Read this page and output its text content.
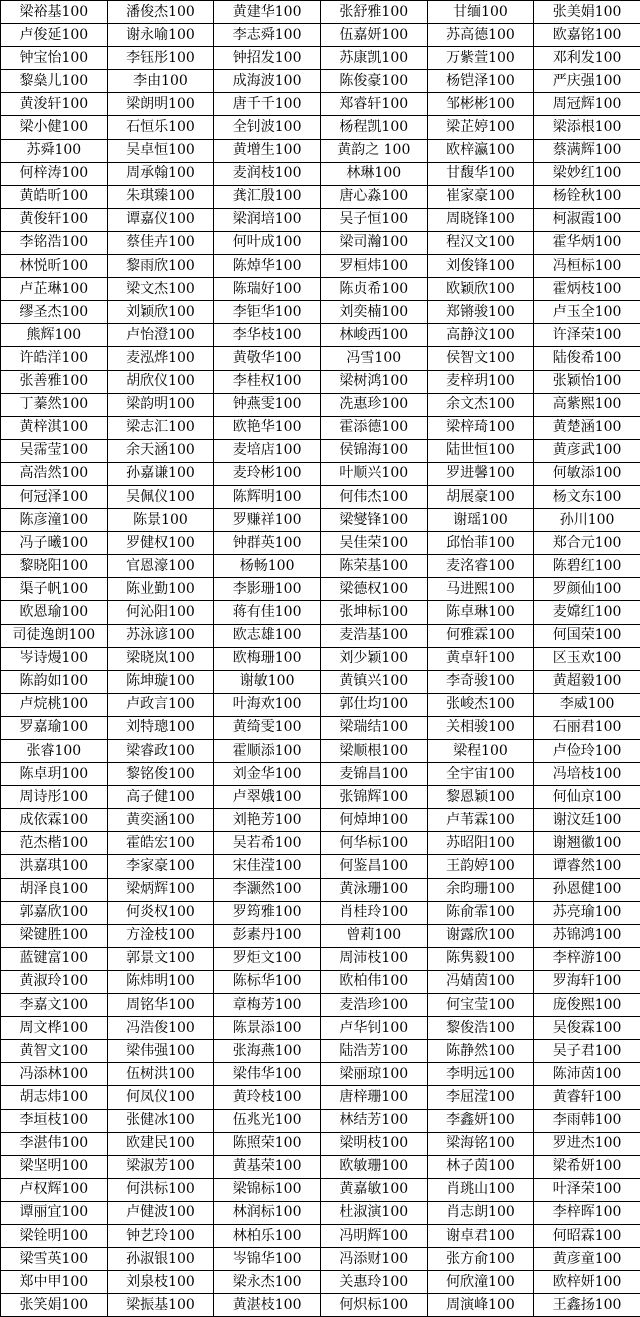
梁裕基100	潘俊杰100	黄建华100	张舒雅100	甘缅100	张美娟100
卢俊延100	谢永喻100	李志舜100	伍嘉妍100	苏高德100	欧嘉铭100
钟宝怡100	李钰彤100	钟招发100	苏康凯100	万紫萱100	邓利发100
黎燊儿100	李由100	成海波100	陈俊豪100	杨铠泽100	严庆强100
黄浚轩100	梁朗明100	唐千千100	郑睿轩100	邹彬彬100	周冠辉100
梁小健100	石恒乐100	全钊波100	杨程凯100	梁芷婷100	梁添根100
苏舜100	吴卓恒100	黄增生100	黄韵之 100	欧梓瀛100	蔡满辉100
何梓涛100	周承翰100	麦润枝100	林琳100	甘馥华100	梁妙红100
黄皓昕100	朱琪臻100	龚汇殷100	唐心淼100	崔家豪100	杨铨秋100
黄俊轩100	谭嘉仪100	梁润培100	吴子恒100	周晓锋100	柯淑霞100
李铭浩100	蔡佳卉100	何叶成100	梁司瀚100	程汉文100	霍华炳100
林悦昕100	黎雨欣100	陈焯华100	罗桓炜100	刘俊锋100	冯桓标100
卢芷琳100	梁文杰100	陈瑞好100	陈贞希100	欧颖欣100	霍炳枝100
缪圣杰100	刘颖欣100	李钜华100	刘奕楠100	郑锵骏100	卢玉全100
熊辉100	卢怡澄100	李华枝100	林峻西100	高静汶100	许泽荣100
许皓洋100	麦泓烨100	黄敬华100	冯雪100	侯智文100	陆俊希100
张善雅100	胡欣仪100	李桂权100	梁树鸿100	麦梓玥100	张颖怡100
丁蓁然100	梁韵明100	钟燕雯100	冼惠珍100	余文杰100	高紫熙100
黄梓淇100	梁志汇100	欧艳华100	霍添德100	梁梓琦100	黄楚涵100
吴霈莹100	余天涵100	麦培店100	侯锦海100	陆世恒100	黄彦武100
高浩然100	孙嘉谦100	麦玲彬100	叶顺兴100	罗进馨100	何敏添100
何冠泽100	吴佩仪100	陈辉明100	何伟杰100	胡展豪100	杨文东100
陈彦潼100	陈景100	罗赚祥100	梁燮锋100	谢瑶100	孙川100
冯子曦100	罗健权100	钟群英100	吴佳荣100	邱怡菲100	郑合元100
黎晓阳100	官恩濠100	杨畅100	陈荣基100	麦洺睿100	陈碧红100
渠子帆100	陈业勤100	李影珊100	梁德权100	马进熙100	罗颜仙100
欧恩瑜100	何沁阳100	蒋有佳100	张坤标100	陈卓琳100	麦嫦红100
司徒逸朗100	苏泳谚100	欧志雄100	麦浩基100	何雅霖100	何国荣100
岑诗熳100	梁晓岚100	欧梅珊100	刘少颖100	黄卓轩100	区玉欢100
陈韵如100	陈坤璇100	谢敏100	黄镇兴100	李奇骏100	黄超毅100
卢烷桃100	卢政言100	叶海欢100	郭仕均100	张峻杰100	李威100
罗嘉瑜100	刘特璁100	黄绮雯100	梁瑞结100	关相骏100	石丽君100
张睿100	梁睿政100	霍顺添100	梁顺根100	梁程100	卢俭玲100
陈卓玥100	黎铭俊100	刘金华100	麦锦昌100	全宇宙100	冯培枝100
周诗彤100	高子健100	卢翠娥100	张锦辉100	黎恩颖100	何仙京100
成依霖100	黄奕涵100	刘艳芳100	何焯坤100	卢苇霖100	谢汶廷100
范杰楷100	霍皓宏100	吴若希100	何华标100	苏昭阳100	谢翘徽100
洪嘉琪100	李家豪100	宋佳滢100	何鉴昌100	王韵婷100	谭睿然100
胡泽良100	梁炳辉100	李灏然100	黄泳珊100	余昀珊100	孙恩健100
郭嘉欣100	何炎权100	罗筠雅100	肖桂玲100	陈俞霏100	苏亮瑜100
梁键胜100	方淦枝100	彭素丹100	曾莉100	谢露欣100	苏锦鸿100
蓝键富100	郭景文100	罗炬文100	周沛枝100	陈隽毅100	李梓游100
黄淑玲100	陈炜明100	陈标华100	欧柏伟100	冯婧茵100	罗海轩100
李嘉文100	周铭华100	章梅芳100	麦浩珍100	何宝莹100	庞俊熙100
周文桦100	冯浩俊100	陈景添100	卢华钊100	黎俊浩100	吴俊霖100
黄智文100	梁伟强100	张海燕100	陆浩芳100	陈静然100	吴子君100
冯添林100	伍树洪100	梁伟华100	梁丽琼100	李明远100	陈沛茵100
胡志炜100	何凤仪100	黄玲枝100	唐梓珊100	李屈滢100	黄睿轩100
李垣枝100	张健冰100	伍兆光100	林结芳100	李鑫妍100	李雨韩100
李湛伟100	欧建民100	陈照荣100	梁明枝100	梁海铭100	罗进杰100
梁坚明100	梁淑芳100	黄基荣100	欧敏珊100	林子茵100	梁希妍100
卢权辉100	何洪标100	梁锦标100	黄嘉敏100	肖珧山100	叶泽荣100
谭丽宜100	卢健波100	林润标100	杜淑演100	肖志朗100	李梓晖100
梁铨明100	钟艺玲100	林柏乐100	冯明辉100	谢卓君100	何昭霖100
梁雪英100	孙淑银100	岑锦华100	冯添财100	张方俞100	黄彦童100
郑中甲100	刘泉枝100	梁永杰100	关惠玲100	何欣潼100	欧梓妍100
张笑娟100	梁振基100	黄湛枝100	何炽标100	周演峰100	王鑫扬100
